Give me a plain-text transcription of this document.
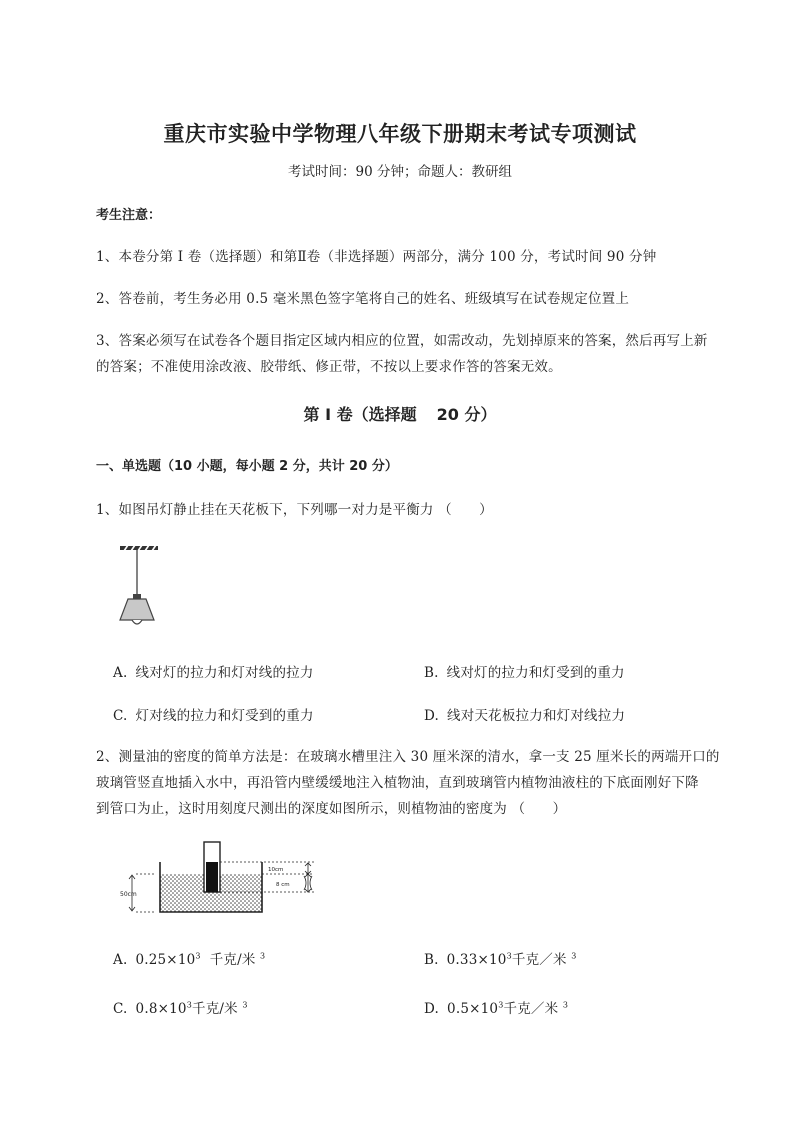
重庆市实验中学物理八年级下册期末考试专项测试
考试时间：90 分钟；命题人：教研组
考生注意：
1、本卷分第 I 卷（选择题）和第Ⅱ卷（非选择题）两部分，满分 100 分，考试时间 90 分钟
2、答卷前，考生务必用 0.5 毫米黑色签字笔将自己的姓名、班级填写在试卷规定位置上
3、答案必须写在试卷各个题目指定区域内相应的位置，如需改动，先划掉原来的答案，然后再写上新
的答案；不准使用涂改液、胶带纸、修正带，不按以上要求作答的答案无效。
第 I 卷（选择题 20 分）
一、单选题（10 小题，每小题 2 分，共计 20 分）
1、如图吊灯静止挂在天花板下，下列哪一对力是平衡力 （　　）
A. 线对灯的拉力和灯对线的拉力	B. 线对灯的拉力和灯受到的重力
C. 灯对线的拉力和灯受到的重力	D. 线对天花板拉力和灯对线拉力
2、测量油的密度的简单方法是：在玻璃水槽里注入 30 厘米深的清水，拿一支 25 厘米长的两端开口的
玻璃管竖直地插入水中，再沿管内壁缓缓地注入植物油，直到玻璃管内植物油液柱的下底面刚好下降
到管口为止，这时用刻度尺测出的深度如图所示，则植物油的密度为 （　　）
50cm
10cm
8 cm
A. $0.25\times 10^3$ 千克/米 $^3$	B. $0.33\times 10^3$千克／米 $^3$
C. $0.8\times 10^3$千克/米 $^3$	D. $0.5\times 10^3$千克／米 $^3$
